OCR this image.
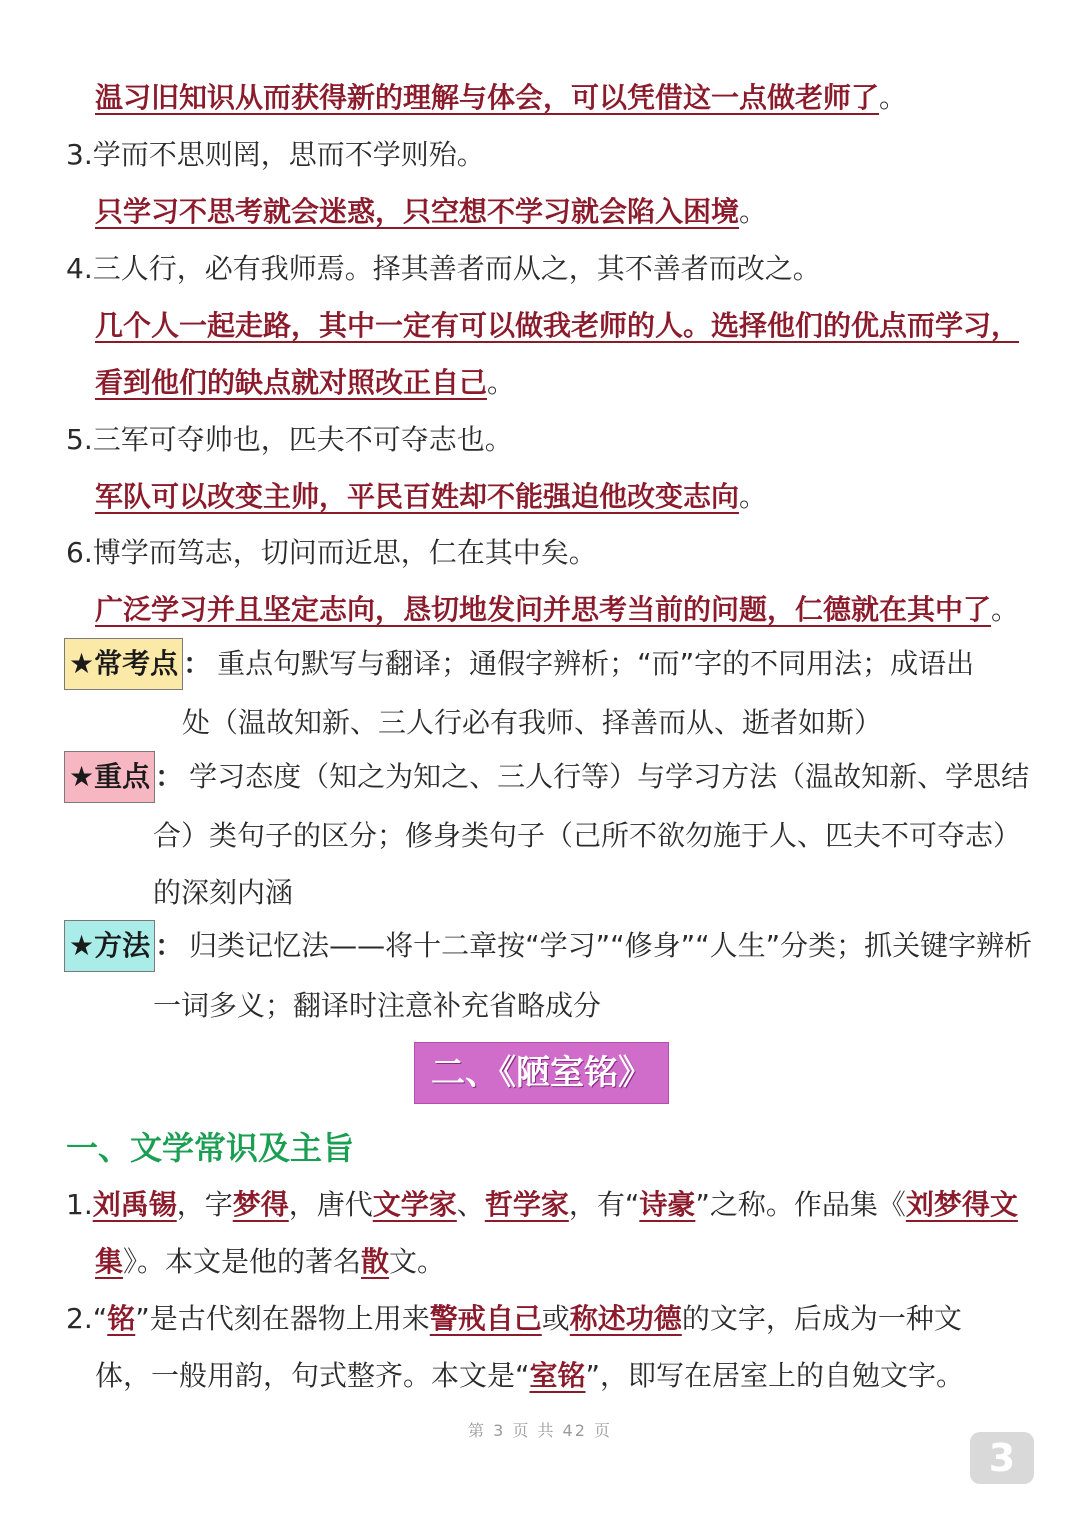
温习旧知识从而获得新的理解与体会，可以凭借这一点做老师了。
3.学而不思则罔，思而不学则殆。
只学习不思考就会迷惑，只空想不学习就会陷入困境。
4.三人行，必有我师焉。择其善者而从之，其不善者而改之。
几个人一起走路，其中一定有可以做我老师的人。选择他们的优点而学习，
看到他们的缺点就对照改正自己。
5.三军可夺帅也，匹夫不可夺志也。
军队可以改变主帅，平民百姓却不能强迫他改变志向。
6.博学而笃志，切问而近思，仁在其中矣。
广泛学习并且坚定志向，恳切地发问并思考当前的问题，仁德就在其中了。
★常考点 ： 重点句默写与翻译；通假字辨析；“而”字的不同用法；成语出
处（温故知新、三人行必有我师、择善而从、逝者如斯）
★重点 ： 学习态度（知之为知之、三人行等）与学习方法（温故知新、学思结
合）类句子的区分；修身类句子（己所不欲勿施于人、匹夫不可夺志）
的深刻内涵
★方法 ： 归类记忆法——将十二章按“学习”“修身”“人生”分类；抓关键字辨析
一词多义；翻译时注意补充省略成分
二、《陋室铭》
一、文学常识及主旨
1.刘禹锡，字梦得，唐代文学家、哲学家，有“诗豪”之称。作品集《刘梦得文
集》。本文是他的著名散文。
2.“铭”是古代刻在器物上用来警戒自己或称述功德的文字，后成为一种文
体，一般用韵，句式整齐。本文是“室铭”，即写在居室上的自勉文字。
第 3 页 共 42 页
3
